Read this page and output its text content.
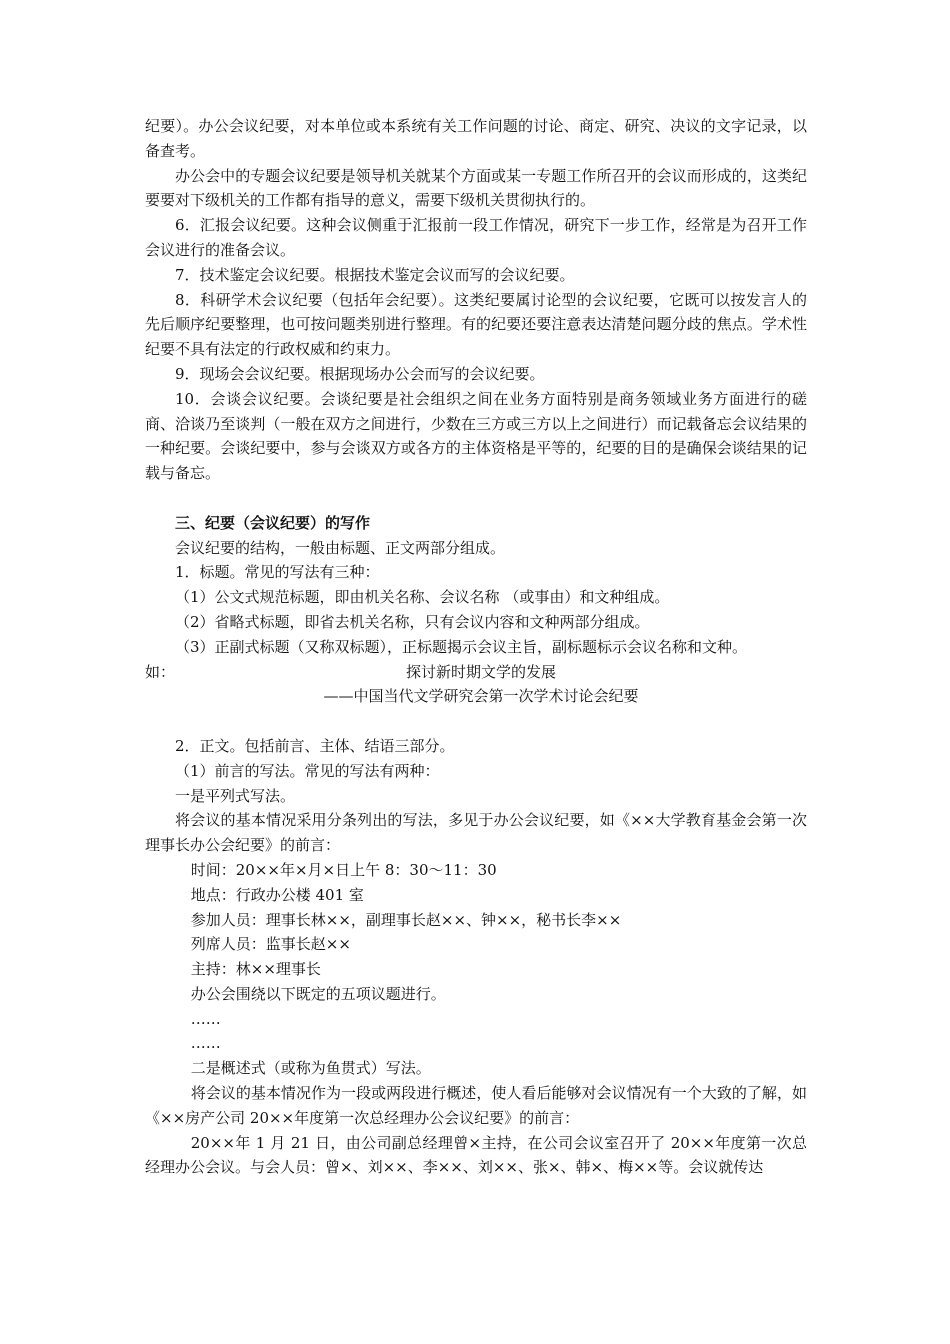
纪要）。办公会议纪要，对本单位或本系统有关工作问题的讨论、商定、研究、决议的文字记录，以备查考。

办公会中的专题会议纪要是领导机关就某个方面或某一专题工作所召开的会议而形成的，这类纪要要对下级机关的工作都有指导的意义，需要下级机关贯彻执行的。

6．汇报会议纪要。这种会议侧重于汇报前一段工作情况，研究下一步工作，经常是为召开工作会议进行的准备会议。

7．技术鉴定会议纪要。根据技术鉴定会议而写的会议纪要。

8．科研学术会议纪要（包括年会纪要）。这类纪要属讨论型的会议纪要，它既可以按发言人的先后顺序纪要整理，也可按问题类别进行整理。有的纪要还要注意表达清楚问题分歧的焦点。学术性纪要不具有法定的行政权威和约束力。

9．现场会会议纪要。根据现场办公会而写的会议纪要。

10．会谈会议纪要。会谈纪要是社会组织之间在业务方面特别是商务领域业务方面进行的磋商、洽谈乃至谈判（一般在双方之间进行，少数在三方或三方以上之间进行）而记载备忘会议结果的一种纪要。会谈纪要中，参与会谈双方或各方的主体资格是平等的，纪要的目的是确保会谈结果的记载与备忘。

三、纪要（会议纪要）的写作

会议纪要的结构，一般由标题、正文两部分组成。

1．标题。常见的写法有三种：

（1）公文式规范标题，即由机关名称、会议名称 （或事由）和文种组成。

（2）省略式标题，即省去机关名称，只有会议内容和文种两部分组成。

（3）正副式标题（又称双标题），正标题揭示会议主旨，副标题标示会议名称和文种。

如：	探讨新时期文学的发展
——中国当代文学研究会第一次学术讨论会纪要

2．正文。包括前言、主体、结语三部分。

（1）前言的写法。常见的写法有两种：

一是平列式写法。

将会议的基本情况采用分条列出的写法，多见于办公会议纪要，如《××大学教育基金会第一次理事长办公会纪要》的前言：

时间：20××年×月×日上午 8：30～11：30

地点：行政办公楼 401 室

参加人员：理事长林××，副理事长赵××、钟××，秘书长李××

列席人员：监事长赵××

主持：林××理事长

办公会围绕以下既定的五项议题进行。

……

……

二是概述式（或称为鱼贯式）写法。

将会议的基本情况作为一段或两段进行概述，使人看后能够对会议情况有一个大致的了解，如《××房产公司 20××年度第一次总经理办公会议纪要》的前言：

20××年 1 月 21 日，由公司副总经理曾×主持，在公司会议室召开了 20××年度第一次总经理办公会议。与会人员：曾×、刘××、李××、刘××、张×、韩×、梅××等。会议就传达
